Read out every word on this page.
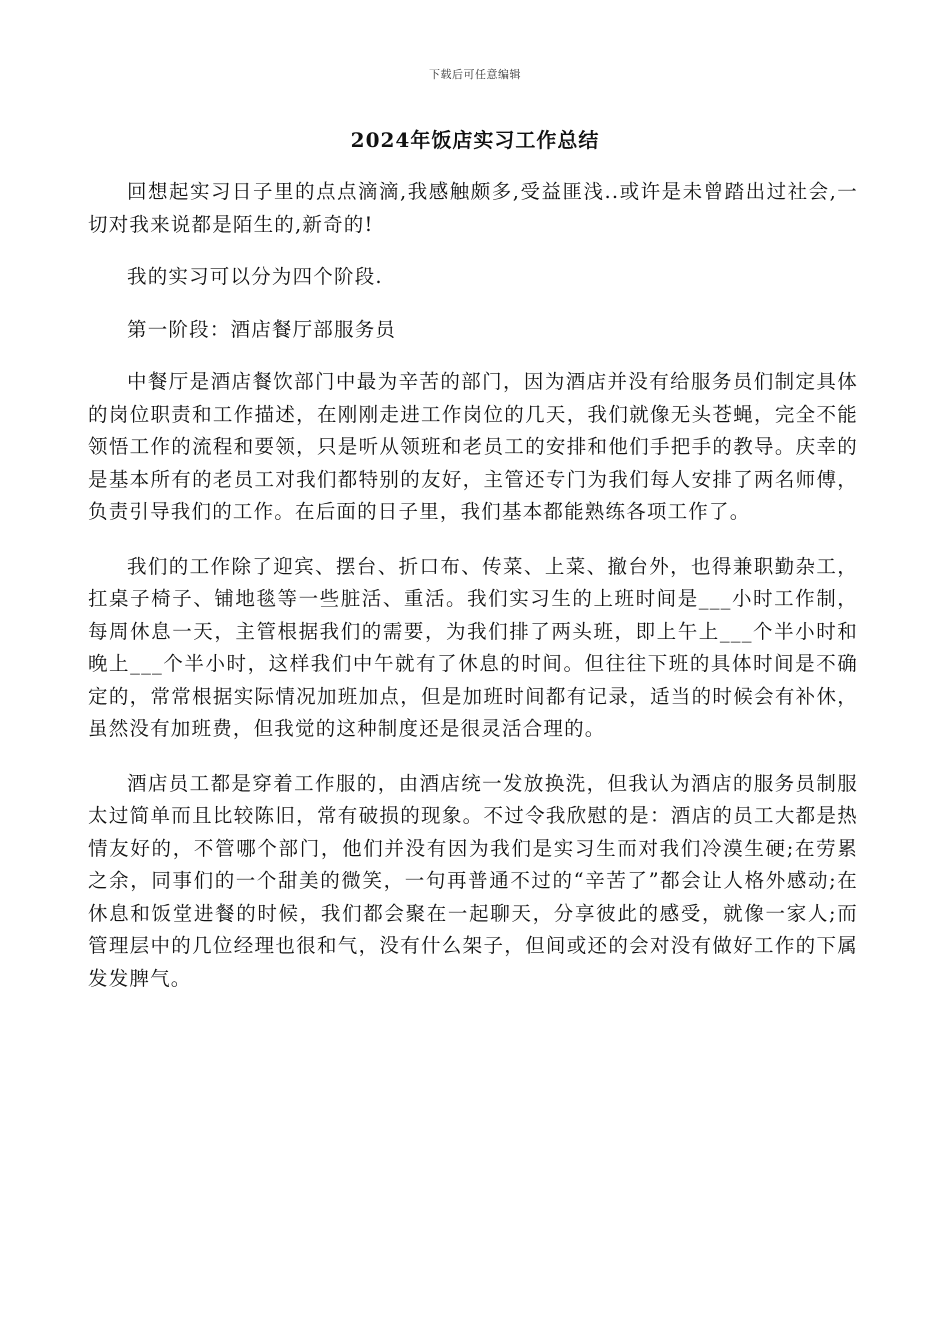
下载后可任意编辑
2024年饭店实习工作总结

回想起实习日子里的点点滴滴,我感触颇多,受益匪浅..或许是未曾踏出过社会,一切对我来说都是陌生的,新奇的!

我的实习可以分为四个阶段.

第一阶段：酒店餐厅部服务员

中餐厅是酒店餐饮部门中最为辛苦的部门，因为酒店并没有给服务员们制定具体的岗位职责和工作描述，在刚刚走进工作岗位的几天，我们就像无头苍蝇，完全不能领悟工作的流程和要领，只是听从领班和老员工的安排和他们手把手的教导。庆幸的是基本所有的老员工对我们都特别的友好，主管还专门为我们每人安排了两名师傅，负责引导我们的工作。在后面的日子里，我们基本都能熟练各项工作了。

我们的工作除了迎宾、摆台、折口布、传菜、上菜、撤台外，也得兼职勤杂工，扛桌子椅子、铺地毯等一些脏活、重活。我们实习生的上班时间是___小时工作制，每周休息一天，主管根据我们的需要，为我们排了两头班，即上午上___个半小时和晚上___个半小时，这样我们中午就有了休息的时间。但往往下班的具体时间是不确定的，常常根据实际情况加班加点，但是加班时间都有记录，适当的时候会有补休，虽然没有加班费，但我觉的这种制度还是很灵活合理的。

酒店员工都是穿着工作服的，由酒店统一发放换洗，但我认为酒店的服务员制服太过简单而且比较陈旧，常有破损的现象。不过令我欣慰的是：酒店的员工大都是热情友好的，不管哪个部门，他们并没有因为我们是实习生而对我们冷漠生硬;在劳累之余，同事们的一个甜美的微笑，一句再普通不过的“辛苦了”都会让人格外感动;在休息和饭堂进餐的时候，我们都会聚在一起聊天，分享彼此的感受，就像一家人;而管理层中的几位经理也很和气，没有什么架子，但间或还的会对没有做好工作的下属发发脾气。
